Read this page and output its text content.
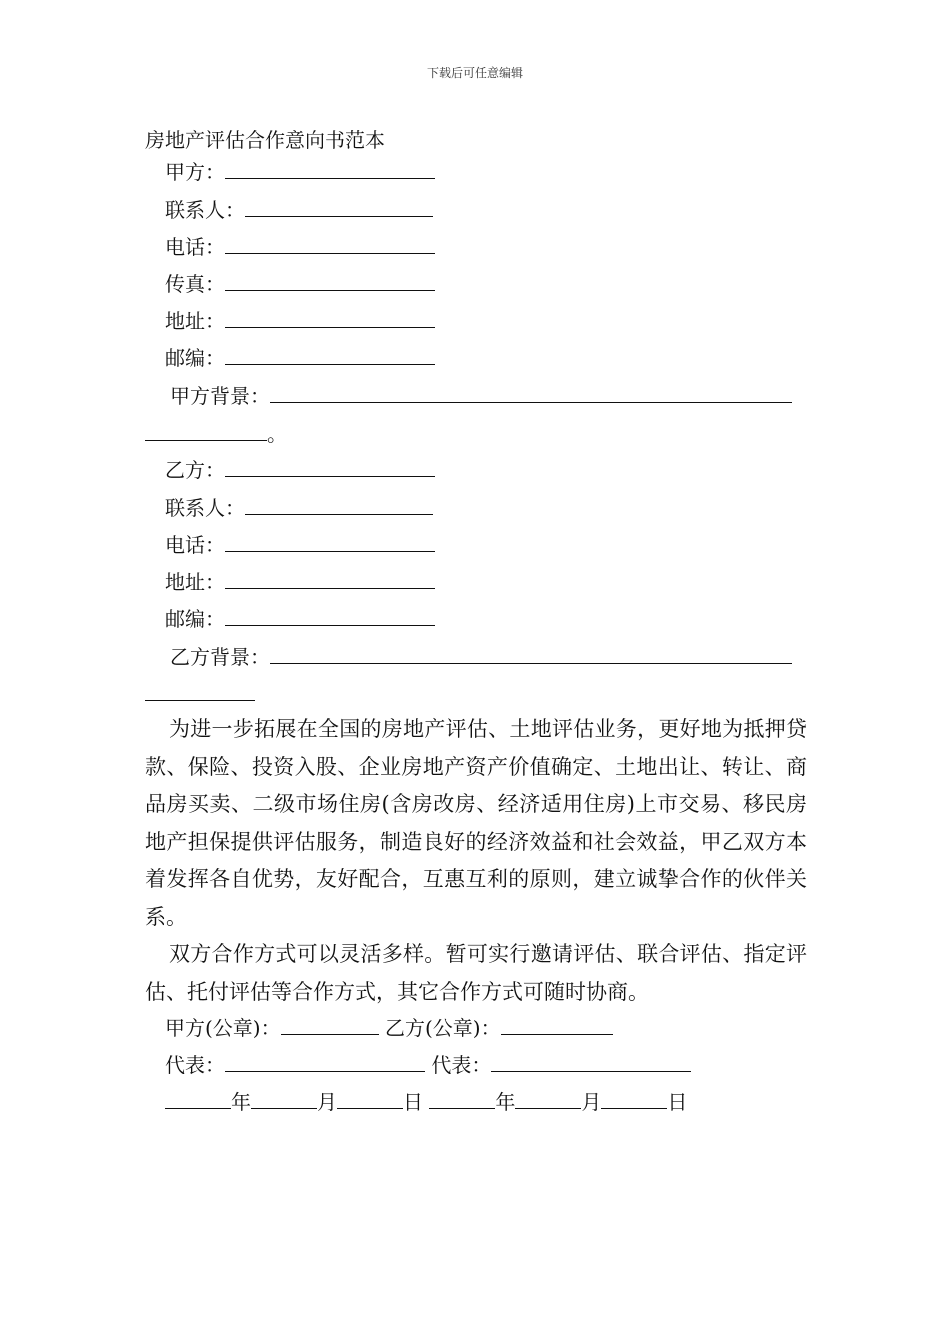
下载后可任意编辑
房地产评估合作意向书范本
甲方：
联系人：
电话：
传真：
地址：
邮编：
甲方背景：
。
乙方：
联系人：
电话：
地址：
邮编：
乙方背景：
为进一步拓展在全国的房地产评估、土地评估业务，更好地为抵押贷款、保险、投资入股、企业房地产资产价值确定、土地出让、转让、商品房买卖、二级市场住房(含房改房、经济适用住房)上市交易、移民房地产担保提供评估服务，制造良好的经济效益和社会效益，甲乙双方本着发挥各自优势，友好配合，互惠互利的原则，建立诚挚合作的伙伴关系。
双方合作方式可以灵活多样。暂可实行邀请评估、联合评估、指定评估、托付评估等合作方式，其它合作方式可随时协商。
甲方(公章)：	乙方(公章)：
代表：	代表：
年	月	日	年	月	日
